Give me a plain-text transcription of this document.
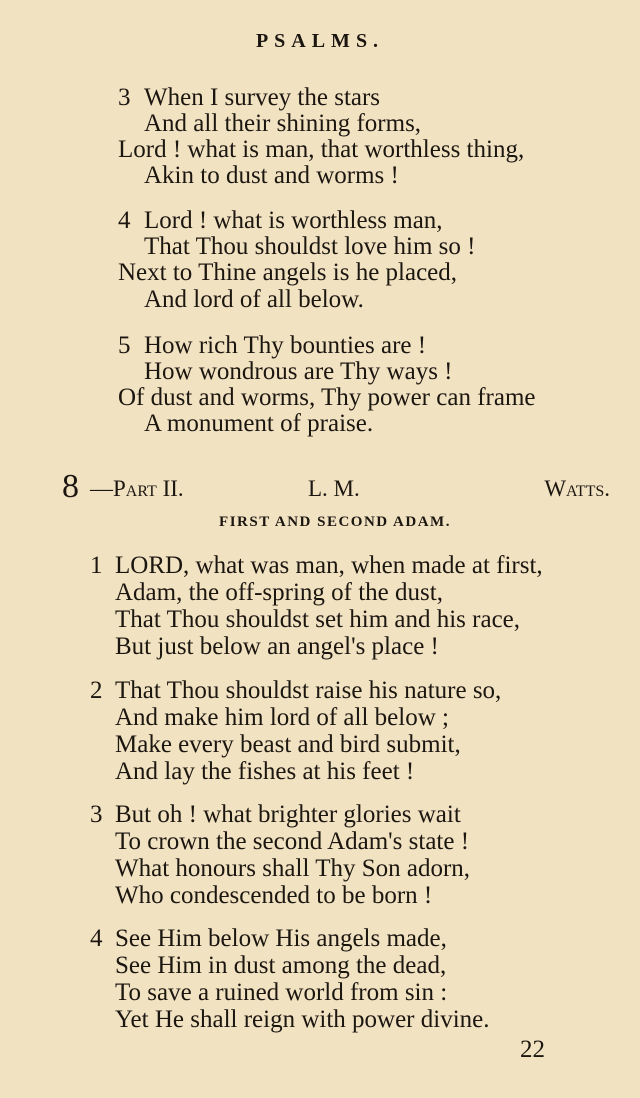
PSALMS.
3 When I survey the stars
And all their shining forms,
Lord ! what is man, that worthless thing,
Akin to dust and worms !
4 Lord ! what is worthless man,
That Thou shouldst love him so !
Next to Thine angels is he placed,
And lord of all below.
5 How rich Thy bounties are !
How wondrous are Thy ways !
Of dust and worms, Thy power can frame
A monument of praise.
8 —Part II.	L. M.	Watts.
FIRST AND SECOND ADAM.
1 LORD, what was man, when made at first,
Adam, the off-spring of the dust,
That Thou shouldst set him and his race,
But just below an angel's place !
2 That Thou shouldst raise his nature so,
And make him lord of all below ;
Make every beast and bird submit,
And lay the fishes at his feet !
3 But oh ! what brighter glories wait
To crown the second Adam's state !
What honours shall Thy Son adorn,
Who condescended to be born !
4 See Him below His angels made,
See Him in dust among the dead,
To save a ruined world from sin :
Yet He shall reign with power divine.
22
